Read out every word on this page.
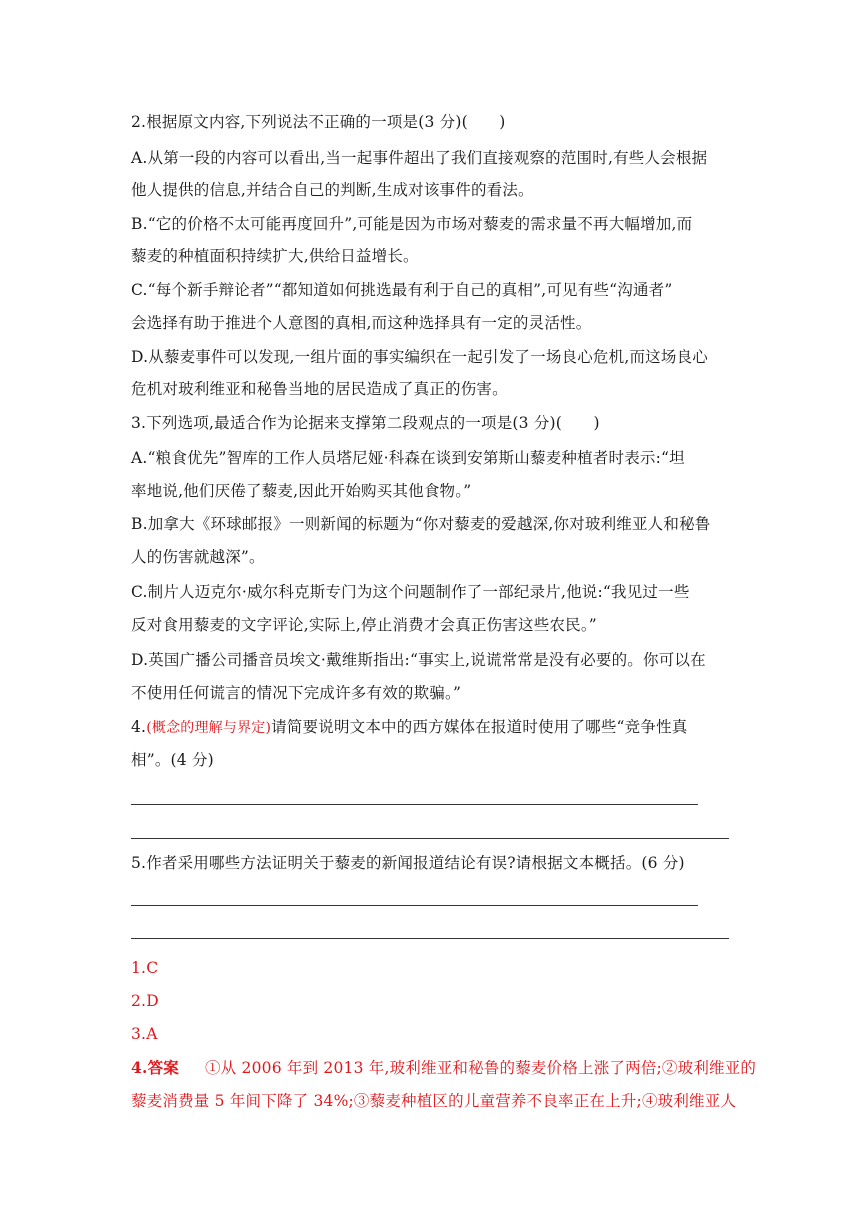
2.根据原文内容,下列说法不正确的一项是(3 分)(　　)
A.从第一段的内容可以看出,当一起事件超出了我们直接观察的范围时,有些人会根据
他人提供的信息,并结合自己的判断,生成对该事件的看法。
B.“它的价格不太可能再度回升”,可能是因为市场对藜麦的需求量不再大幅增加,而
藜麦的种植面积持续扩大,供给日益增长。
C.“每个新手辩论者”“都知道如何挑选最有利于自己的真相”,可见有些“沟通者”
会选择有助于推进个人意图的真相,而这种选择具有一定的灵活性。
D.从藜麦事件可以发现,一组片面的事实编织在一起引发了一场良心危机,而这场良心
危机对玻利维亚和秘鲁当地的居民造成了真正的伤害。
3.下列选项,最适合作为论据来支撑第二段观点的一项是(3 分)(　　)
A.“粮食优先”智库的工作人员塔尼娅·科森在谈到安第斯山藜麦种植者时表示:“坦
率地说,他们厌倦了藜麦,因此开始购买其他食物。”
B.加拿大《环球邮报》一则新闻的标题为“你对藜麦的爱越深,你对玻利维亚人和秘鲁
人的伤害就越深”。
C.制片人迈克尔·威尔科克斯专门为这个问题制作了一部纪录片,他说:“我见过一些
反对食用藜麦的文字评论,实际上,停止消费才会真正伤害这些农民。”
D.英国广播公司播音员埃文·戴维斯指出:“事实上,说谎常常是没有必要的。你可以在
不使用任何谎言的情况下完成许多有效的欺骗。”
4.(概念的理解与界定)请简要说明文本中的西方媒体在报道时使用了哪些“竞争性真
相”。(4 分)
5.作者采用哪些方法证明关于藜麦的新闻报道结论有误?请根据文本概括。(6 分)
1.C
2.D
3.A
4.答案 ①从 2006 年到 2013 年,玻利维亚和秘鲁的藜麦价格上涨了两倍;②玻利维亚的
藜麦消费量 5 年间下降了 34%;③藜麦种植区的儿童营养不良率正在上升;④玻利维亚人
